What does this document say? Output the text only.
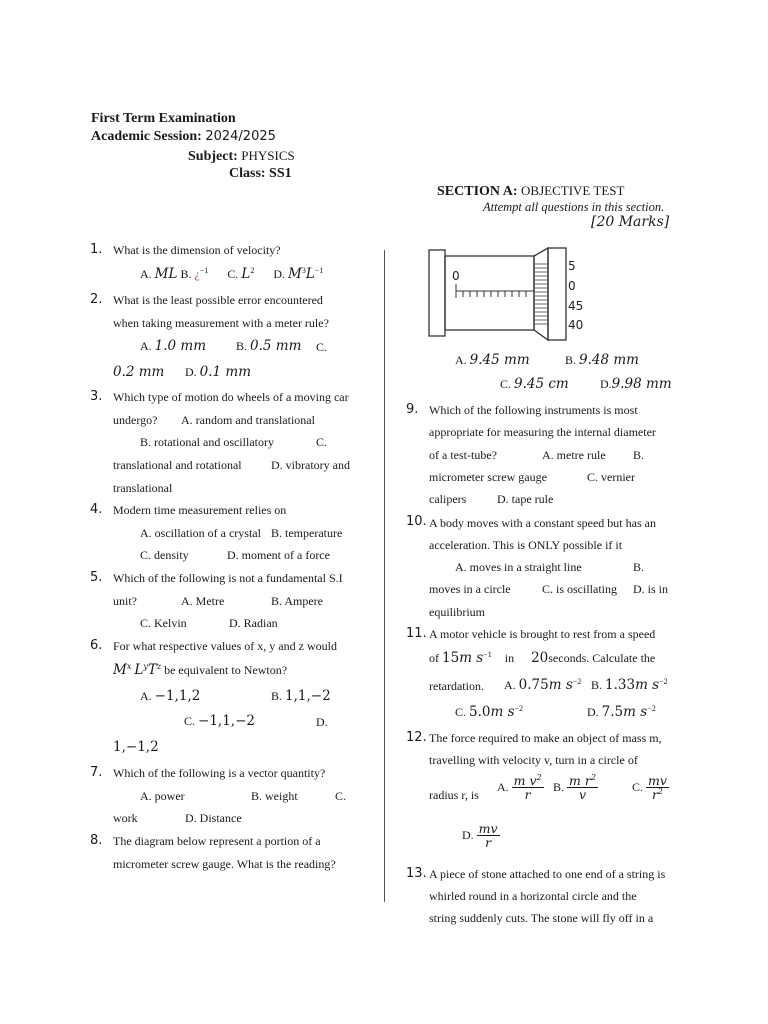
First Term Examination
Academic Session: 2024/2025
Subject: PHYSICS
Class: SS1
SECTION A: OBJECTIVE TEST
Attempt all questions in this section.
[20 Marks]
1. What is the dimension of velocity?
A. ML B. ¿$^{-1}$ C. $L^2$ D. $M^3L^{-1}$
2. What is the least possible error encountered
when taking measurement with a meter rule?
A. 1.0 mm B. 0.5 mm C.
0.2 mm D. 0.1 mm
3. Which type of motion do wheels of a moving car
undergo? A. random and translational
B. rotational and oscillatory	C.
translational and rotational D. vibratory and
translational
4. Modern time measurement relies on
A. oscillation of a crystal B. temperature
C. density	D. moment of a force
5. Which of the following is not a fundamental S.I
unit?	A. Metre	B. Ampere
C. Kelvin	D. Radian
6. For what respective values of x, y and z would
$M^x$ $L^yT^z$ be equivalent to Newton?
A. −1,1,2	B. 1,1,−2
C. −1,1,−2	D.
1,−1,2
7. Which of the following is a vector quantity?
A. power	B. weight	C.
work	D. Distance
8. The diagram below represent a portion of a
micrometer screw gauge. What is the reading?
0
5
0
45
40
A. 9.45 mm	B. 9.48 mm
C. 9.45 cm	D.9.98 mm
9. Which of the following instruments is most
appropriate for measuring the internal diameter
of a test-tube?	A. metre rule B.
micrometer screw gauge	C. vernier
calipers	D. tape rule
10. A body moves with a constant speed but has an
acceleration. This is ONLY possible if it
A. moves in a straight line	B.
moves in a circle	C. is oscillating D. is in
equilibrium
11. A motor vehicle is brought to rest from a speed
of 15m $s^{-1}$ in 20seconds. Calculate the
retardation. A. 0.75m $s^{-2}$ B. 1.33m $s^{-2}$
C. 5.0m $s^{-2}$	D. 7.5m $s^{-2}$
12. The force required to make an object of mass m,
travelling with velocity v, turn in a circle of
radius r, is
A. $\frac{m v^2}{r} B$. $\frac{m r^2}{v}$	C. $\frac{mv}{r^2}$
D. $\frac{mv}{r}$
13. A piece of stone attached to one end of a string is
whirled round in a horizontal circle and the
string suddenly cuts. The stone will fly off in a
